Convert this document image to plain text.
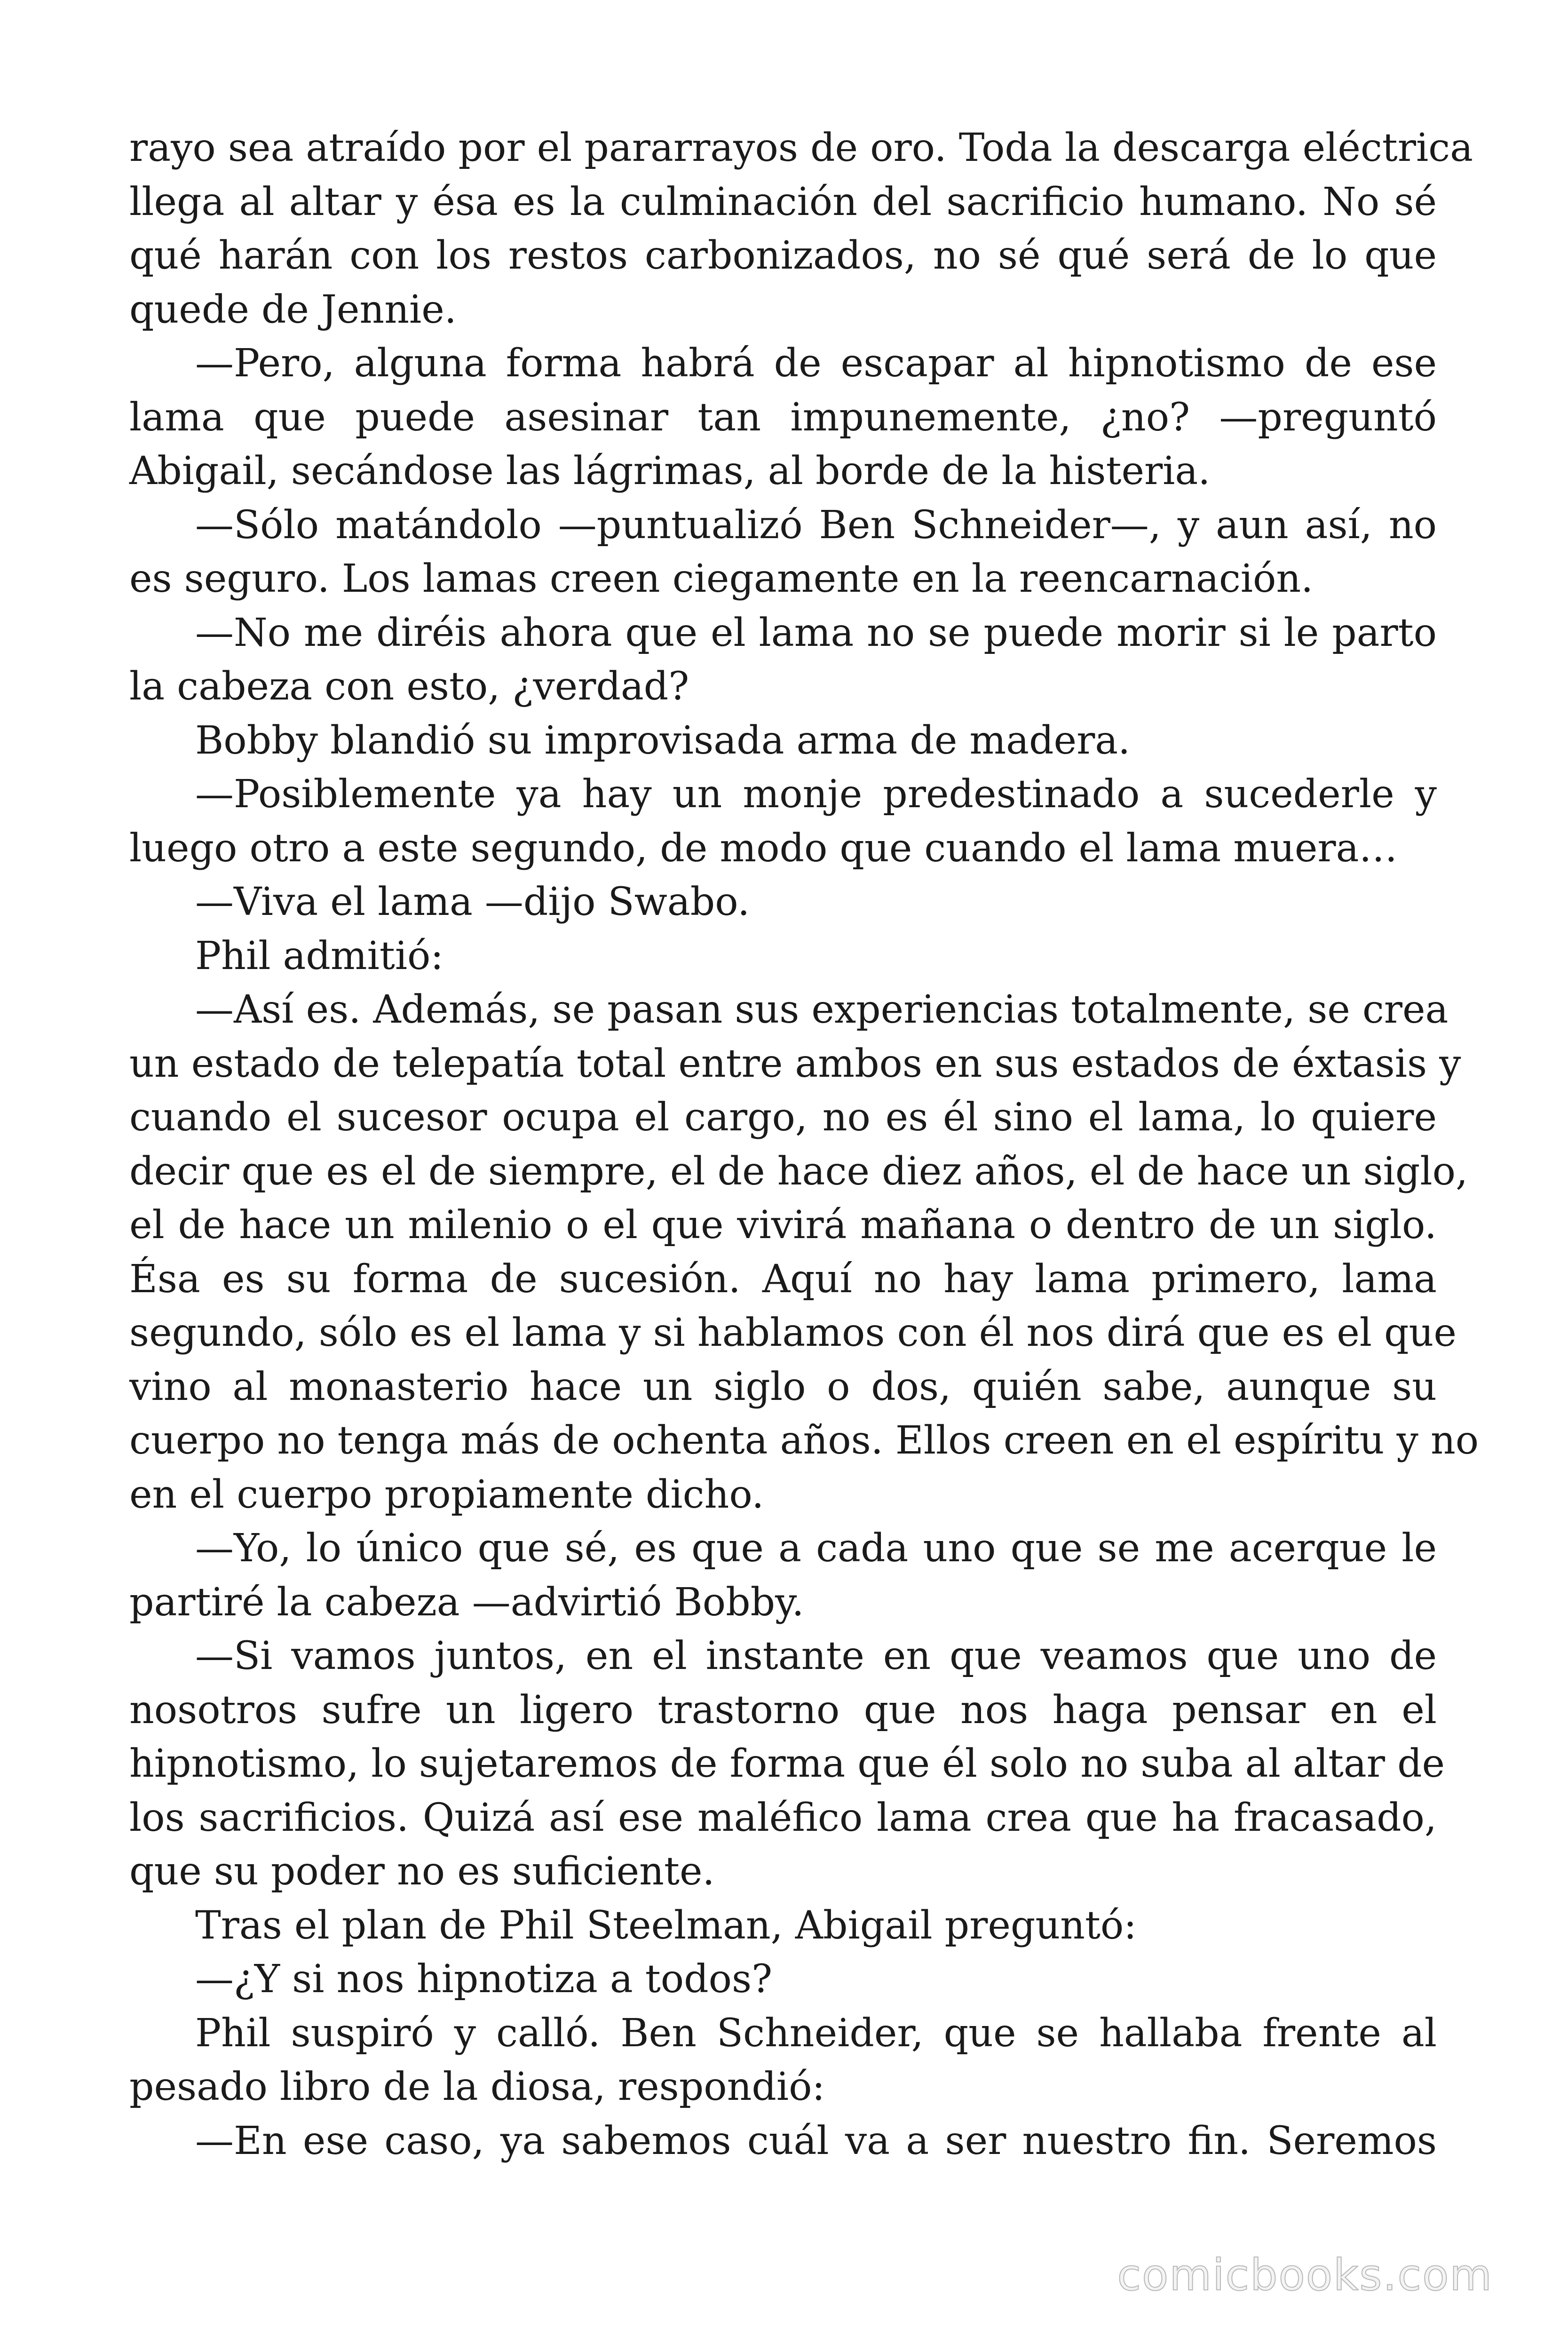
rayo sea atraído por el pararrayos de oro. Toda la descarga eléctrica
llega al altar y ésa es la culminación del sacrificio humano. No sé
qué harán con los restos carbonizados, no sé qué será de lo que
quede de Jennie.
—Pero, alguna forma habrá de escapar al hipnotismo de ese
lama que puede asesinar tan impunemente, ¿no? —preguntó
Abigail, secándose las lágrimas, al borde de la histeria.
—Sólo matándolo —puntualizó Ben Schneider—, y aun así, no
es seguro. Los lamas creen ciegamente en la reencarnación.
—No me diréis ahora que el lama no se puede morir si le parto
la cabeza con esto, ¿verdad?
Bobby blandió su improvisada arma de madera.
—Posiblemente ya hay un monje predestinado a sucederle y
luego otro a este segundo, de modo que cuando el lama muera…
—Viva el lama —dijo Swabo.
Phil admitió:
—Así es. Además, se pasan sus experiencias totalmente, se crea
un estado de telepatía total entre ambos en sus estados de éxtasis y
cuando el sucesor ocupa el cargo, no es él sino el lama, lo quiere
decir que es el de siempre, el de hace diez años, el de hace un siglo,
el de hace un milenio o el que vivirá mañana o dentro de un siglo.
Ésa es su forma de sucesión. Aquí no hay lama primero, lama
segundo, sólo es el lama y si hablamos con él nos dirá que es el que
vino al monasterio hace un siglo o dos, quién sabe, aunque su
cuerpo no tenga más de ochenta años. Ellos creen en el espíritu y no
en el cuerpo propiamente dicho.
—Yo, lo único que sé, es que a cada uno que se me acerque le
partiré la cabeza —advirtió Bobby.
—Si vamos juntos, en el instante en que veamos que uno de
nosotros sufre un ligero trastorno que nos haga pensar en el
hipnotismo, lo sujetaremos de forma que él solo no suba al altar de
los sacrificios. Quizá así ese maléfico lama crea que ha fracasado,
que su poder no es suficiente.
Tras el plan de Phil Steelman, Abigail preguntó:
—¿Y si nos hipnotiza a todos?
Phil suspiró y calló. Ben Schneider, que se hallaba frente al
pesado libro de la diosa, respondió:
—En ese caso, ya sabemos cuál va a ser nuestro fin. Seremos
comicbooks.com
